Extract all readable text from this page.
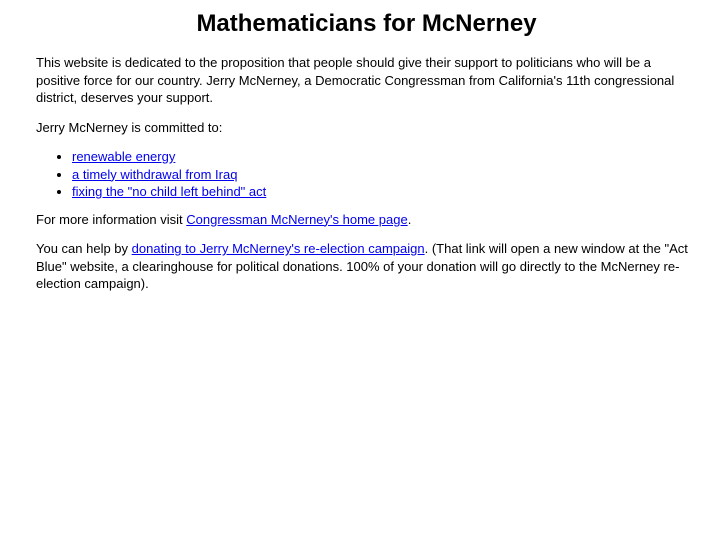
Mathematicians for McNerney

This website is dedicated to the proposition that people should give their support to politicians who will be a positive force for our country. Jerry McNerney, a Democratic Congressman from California's 11th congressional district, deserves your support.

Jerry McNerney is committed to:

• renewable energy
• a timely withdrawal from Iraq
• fixing the "no child left behind" act

For more information visit Congressman McNerney's home page.

You can help by donating to Jerry McNerney's re-election campaign. (That link will open a new window at the "Act Blue" website, a clearinghouse for political donations. 100% of your donation will go directly to the McNerney re-election campaign).
